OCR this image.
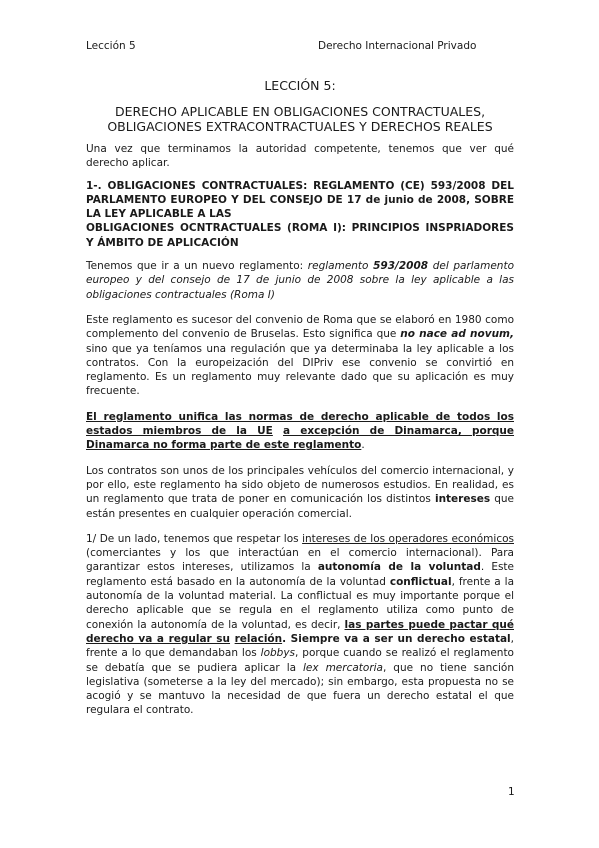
Lección 5	Derecho Internacional Privado
LECCIÓN 5:
DERECHO APLICABLE EN OBLIGACIONES CONTRACTUALES,
OBLIGACIONES EXTRACONTRACTUALES Y DERECHOS REALES

Una vez que terminamos la autoridad competente, tenemos que ver qué derecho aplicar.

1-. OBLIGACIONES CONTRACTUALES: REGLAMENTO (CE) 593/2008 DEL PARLAMENTO EUROPEO Y DEL CONSEJO DE 17 de junio de 2008, SOBRE LA LEY APLICABLE A LAS
OBLIGACIONES OCNTRACTUALES (ROMA I): PRINCIPIOS INSPRIADORES Y ÁMBITO DE APLICACIÓN

Tenemos que ir a un nuevo reglamento: reglamento 593/2008 del parlamento europeo y del consejo de 17 de junio de 2008 sobre la ley aplicable a las obligaciones contractuales (Roma I)

Este reglamento es sucesor del convenio de Roma que se elaboró en 1980 como complemento del convenio de Bruselas. Esto significa que no nace ad novum, sino que ya teníamos una regulación que ya determinaba la ley aplicable a los contratos. Con la europeización del DIPriv ese convenio se convirtió en reglamento. Es un reglamento muy relevante dado que su aplicación es muy frecuente.

El reglamento unifica las normas de derecho aplicable de todos los estados miembros de la UE a excepción de Dinamarca, porque Dinamarca no forma parte de este reglamento.

Los contratos son unos de los principales vehículos del comercio internacional, y por ello, este reglamento ha sido objeto de numerosos estudios. En realidad, es un reglamento que trata de poner en comunicación los distintos intereses que están presentes en cualquier operación comercial.

1/ De un lado, tenemos que respetar los intereses de los operadores económicos (comerciantes y los que interactúan en el comercio internacional). Para garantizar estos intereses, utilizamos la autonomía de la voluntad. Este reglamento está basado en la autonomía de la voluntad conflictual, frente a la autonomía de la voluntad material. La conflictual es muy importante porque el derecho aplicable que se regula en el reglamento utiliza como punto de conexión la autonomía de la voluntad, es decir, las partes puede pactar qué derecho va a regular su relación. Siempre va a ser un derecho estatal, frente a lo que demandaban los lobbys, porque cuando se realizó el reglamento se debatía que se pudiera aplicar la lex mercatoria, que no tiene sanción legislativa (someterse a la ley del mercado); sin embargo, esta propuesta no se acogió y se mantuvo la necesidad de que fuera un derecho estatal el que regulara el contrato.

1
